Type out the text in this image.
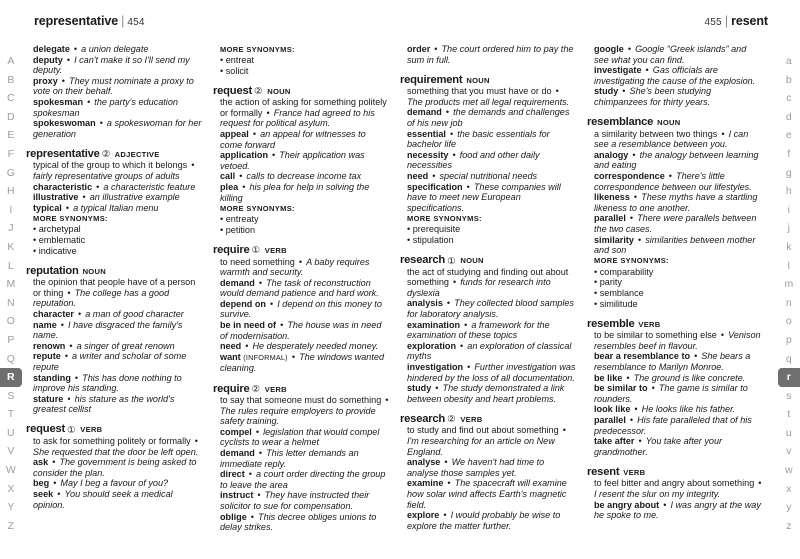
representative | 454	455 | resent
A
B
C
D
E
F
G
H
I
J
K
L
M
N
O
P
Q
R
S
T
U
V
W
X
Y
Z
a
b
c
d
e
f
g
h
i
j
k
l
m
n
o
p
q
r
s
t
u
v
w
x
y
z
delegate • a union delegate
deputy • I can't make it so I'll send my deputy.
proxy • They must nominate a proxy to vote on their behalf.
spokesman • the party's education spokesman
spokeswoman • a spokeswoman for her generation
representative ② ADJECTIVE
typical of the group to which it belongs • fairly representative groups of adults
characteristic • a characteristic feature
illustrative • an illustrative example
typical • a typical Italian menu
MORE SYNONYMS:
• archetypal
• emblematic
• indicative
reputation NOUN
the opinion that people have of a person or thing • The college has a good reputation.
character • a man of good character
name • I have disgraced the family's name.
renown • a singer of great renown
repute • a writer and scholar of some repute
standing • This has done nothing to improve his standing.
stature • his stature as the world's greatest cellist
request ① VERB
to ask for something politely or formally • She requested that the door be left open.
ask • The government is being asked to consider the plan.
beg • May I beg a favour of you?
seek • You should seek a medical opinion.
MORE SYNONYMS:
• entreat
• solicit
request ② NOUN
the action of asking for something politely or formally • France had agreed to his request for political asylum.
appeal • an appeal for witnesses to come forward
application • Their application was vetoed.
call • calls to decrease income tax
plea • his plea for help in solving the killing
MORE SYNONYMS:
• entreaty
• petition
require ① VERB
to need something • A baby requires warmth and security.
demand • The task of reconstruction would demand patience and hard work.
depend on • I depend on this money to survive.
be in need of • The house was in need of modernisation.
need • He desperately needed money.
want (INFORMAL) • The windows wanted cleaning.
require ② VERB
to say that someone must do something • The rules require employers to provide safety training.
compel • legislation that would compel cyclists to wear a helmet
demand • This letter demands an immediate reply.
direct • a court order directing the group to leave the area
instruct • They have instructed their solicitor to sue for compensation.
oblige • This decree obliges unions to delay strikes.
order • The court ordered him to pay the sum in full.
requirement NOUN
something that you must have or do • The products met all legal requirements.
demand • the demands and challenges of his new job
essential • the basic essentials for bachelor life
necessity • food and other daily necessities
need • special nutritional needs
specification • These companies will have to meet new European specifications.
MORE SYNONYMS:
• prerequisite
• stipulation
research ① NOUN
the act of studying and finding out about something • funds for research into dyslexia
analysis • They collected blood samples for laboratory analysis.
examination • a framework for the examination of these topics
exploration • an exploration of classical myths
investigation • Further investigation was hindered by the loss of all documentation.
study • The study demonstrated a link between obesity and heart problems.
research ② VERB
to study and find out about something • I'm researching for an article on New England.
analyse • We haven't had time to analyse those samples yet.
examine • The spacecraft will examine how solar wind affects Earth's magnetic field.
explore • I would probably be wise to explore the matter further.
google • Google “Greek islands” and see what you can find.
investigate • Gas officials are investigating the cause of the explosion.
study • She's been studying chimpanzees for thirty years.
resemblance NOUN
a similarity between two things • I can see a resemblance between you.
analogy • the analogy between learning and eating
correspondence • There's little correspondence between our lifestyles.
likeness • These myths have a startling likeness to one another.
parallel • There were parallels between the two cases.
similarity • similarities between mother and son
MORE SYNONYMS:
• comparability
• parity
• semblance
• similitude
resemble VERB
to be similar to something else • Venison resembles beef in flavour.
bear a resemblance to • She bears a resemblance to Marilyn Monroe.
be like • The ground is like concrete.
be similar to • The game is similar to rounders.
look like • He looks like his father.
parallel • His fate paralleled that of his predecessor.
take after • You take after your grandmother.
resent VERB
to feel bitter and angry about something • I resent the slur on my integrity.
be angry about • I was angry at the way he spoke to me.
